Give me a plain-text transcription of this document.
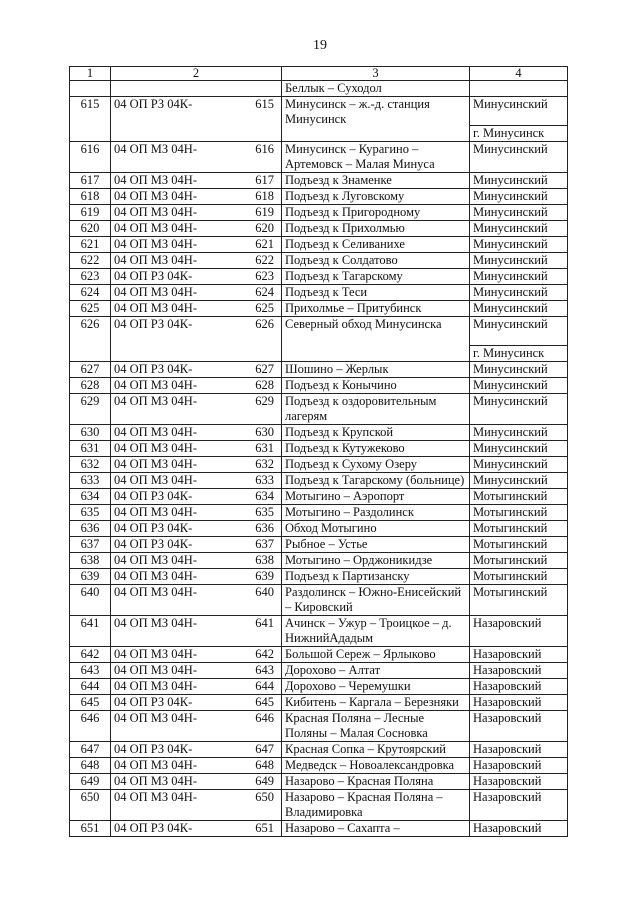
19
1	2	3	4
		Беллык – Суходол	
615	04 ОП РЗ 04К- 615	Минусинск – ж.-д. станция Минусинск	Минусинский
г. Минусинск

616	04 ОП МЗ 04Н- 616	Минусинск – Курагино – Артемовск – Малая Минуса	Минусинский

617	04 ОП МЗ 04Н- 617	Подъезд к Знаменке	Минусинский

618	04 ОП МЗ 04Н- 618	Подъезд к Луговскому	Минусинский

619	04 ОП МЗ 04Н- 619	Подъезд к Пригородному	Минусинский

620	04 ОП МЗ 04Н- 620	Подъезд к Прихолмью	Минусинский

621	04 ОП МЗ 04Н- 621	Подъезд к Селиванихе	Минусинский

622	04 ОП МЗ 04Н- 622	Подъезд к Солдатово	Минусинский

623	04 ОП РЗ 04К- 623	Подъезд к Тагарскому	Минусинский

624	04 ОП МЗ 04Н- 624	Подъезд к Теси	Минусинский

625	04 ОП МЗ 04Н- 625	Прихолмье – Притубинск	Минусинский

626	04 ОП РЗ 04К- 626	Северный обход Минусинска	Минусинский
г. Минусинск

627	04 ОП РЗ 04К- 627	Шошино – Жерлык	Минусинский

628	04 ОП МЗ 04Н- 628	Подъезд к Конычино	Минусинский

629	04 ОП МЗ 04Н- 629	Подъезд к оздоровительным лагерям	Минусинский

630	04 ОП МЗ 04Н- 630	Подъезд к Крупской	Минусинский

631	04 ОП МЗ 04Н- 631	Подъезд к Кутужеково	Минусинский

632	04 ОП МЗ 04Н- 632	Подъезд к Сухому Озеру	Минусинский

633	04 ОП МЗ 04Н- 633	Подъезд к Тагарскому (больнице)	Минусинский

634	04 ОП РЗ 04К- 634	Мотыгино – Аэропорт	Мотыгинский

635	04 ОП МЗ 04Н- 635	Мотыгино – Раздолинск	Мотыгинский

636	04 ОП РЗ 04К- 636	Обход Мотыгино	Мотыгинский

637	04 ОП РЗ 04К- 637	Рыбное – Устье	Мотыгинский

638	04 ОП МЗ 04Н- 638	Мотыгино – Орджоникидзе	Мотыгинский

639	04 ОП МЗ 04Н- 639	Подъезд к Партизанску	Мотыгинский

640	04 ОП МЗ 04Н- 640	Раздолинск – Южно-Енисейский – Кировский	Мотыгинский

641	04 ОП МЗ 04Н- 641	Ачинск – Ужур – Троицкое – д. НижнийАдадым	Назаровский

642	04 ОП МЗ 04Н- 642	Большой Сереж – Ярлыково	Назаровский

643	04 ОП МЗ 04Н- 643	Дорохово – Алтат	Назаровский

644	04 ОП МЗ 04Н- 644	Дорохово – Черемушки	Назаровский

645	04 ОП РЗ 04К- 645	Кибитень – Каргала – Березняки	Назаровский

646	04 ОП МЗ 04Н- 646	Красная Поляна – Лесные Поляны – Малая Сосновка	Назаровский

647	04 ОП РЗ 04К- 647	Красная Сопка – Крутоярский	Назаровский

648	04 ОП МЗ 04Н- 648	Медведск – Новоалександровка	Назаровский

649	04 ОП МЗ 04Н- 649	Назарово – Красная Поляна	Назаровский

650	04 ОП МЗ 04Н- 650	Назарово – Красная Поляна – Владимировка	Назаровский

651	04 ОП РЗ 04К- 651	Назарово – Сахапта –	Назаровский
